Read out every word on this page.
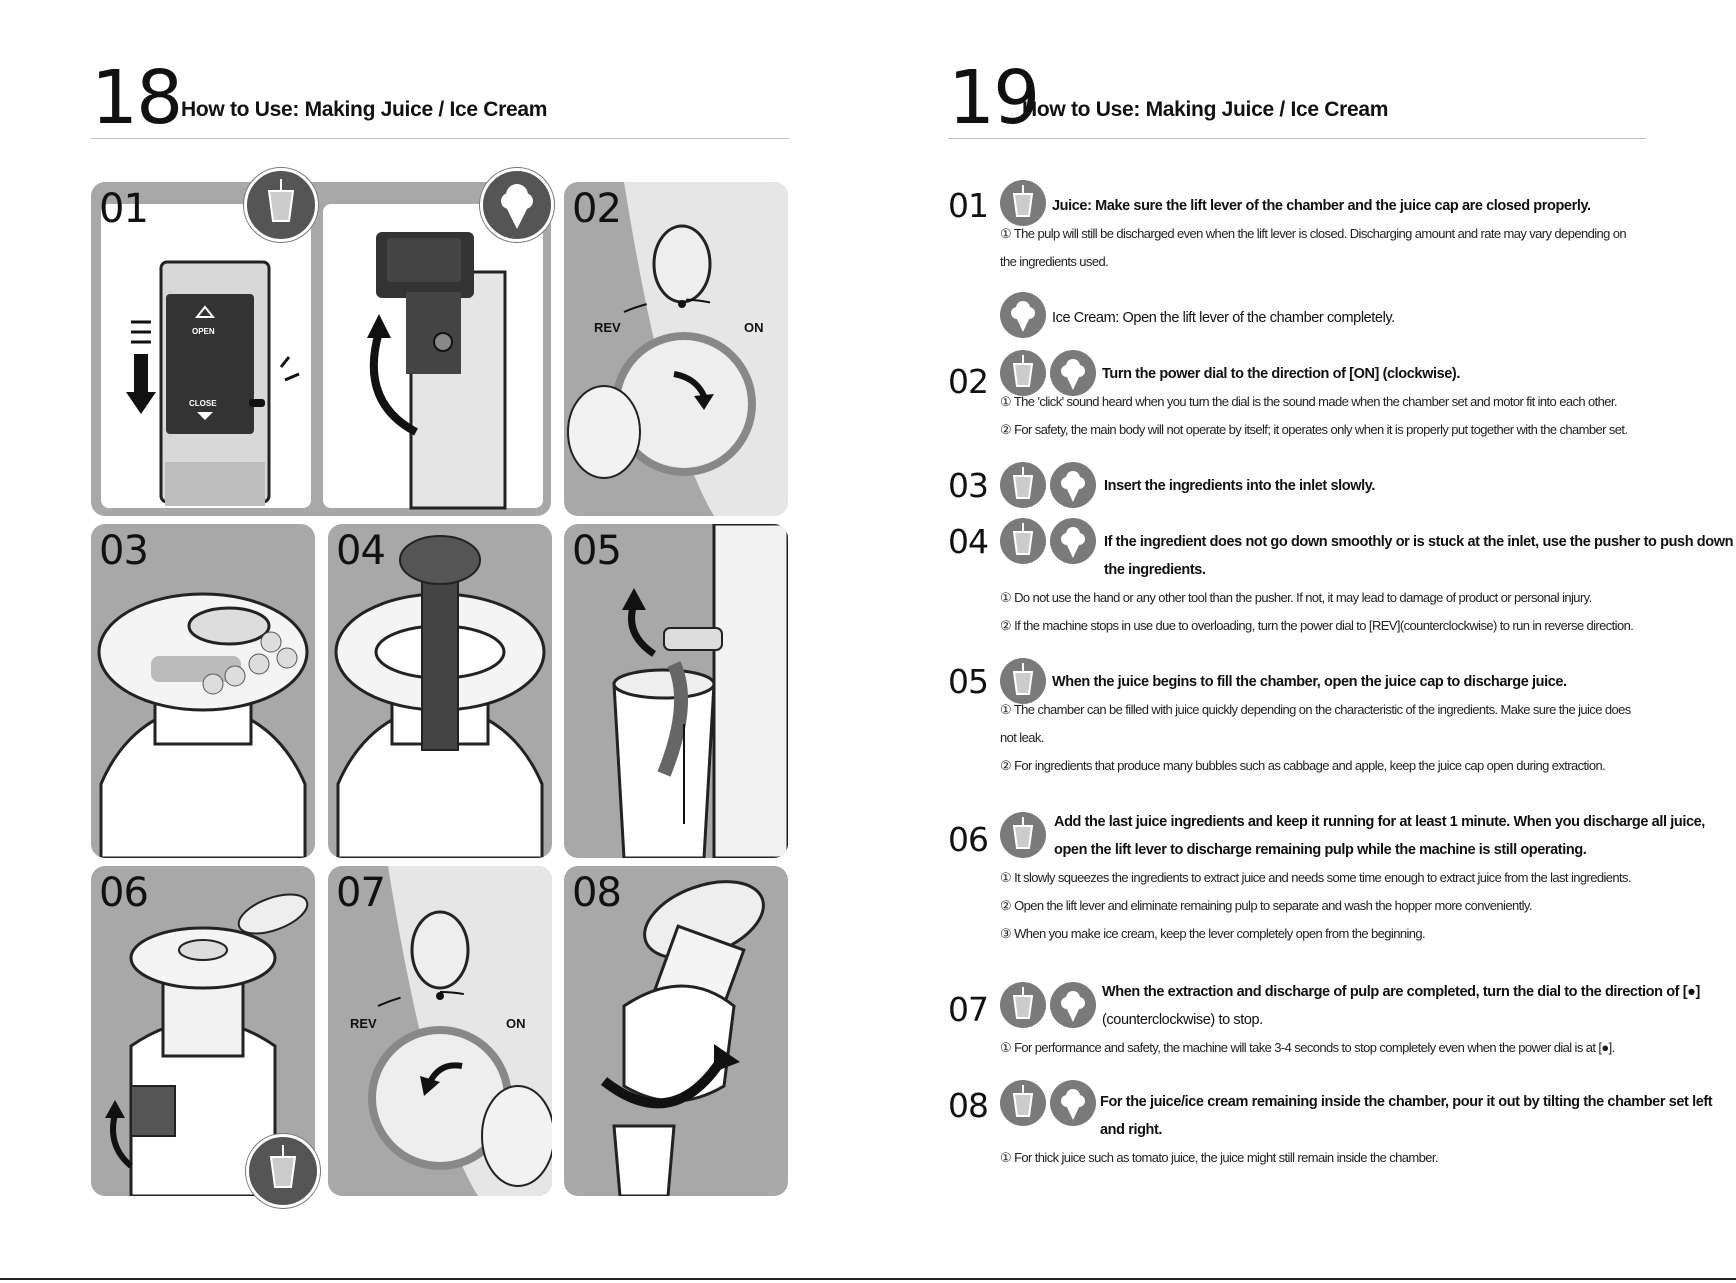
18 How to Use: Making Juice / Ice Cream	19
How to Use: Making Juice / Ice Cream
OPEN
CLOSE
01
REV	ON
02
03	04	05
06
REV	ON
07	08
01	Juice: Make sure the lift lever of the chamber and the juice cap are closed properly.
① The pulp will still be discharged even when the lift lever is closed. Discharging amount and rate may vary depending on
the ingredients used.
Ice Cream: Open the lift lever of the chamber completely.
02	Turn the power dial to the direction of [ON] (clockwise).
① The 'click' sound heard when you turn the dial is the sound made when the chamber set and motor fit into each other.
② For safety, the main body will not operate by itself; it operates only when it is properly put together with the chamber set.
03	Insert the ingredients into the inlet slowly.
04	If the ingredient does not go down smoothly or is stuck at the inlet, use the pusher to push down
the ingredients.
① Do not use the hand or any other tool than the pusher. If not, it may lead to damage of product or personal injury.
② If the machine stops in use due to overloading, turn the power dial to [REV](counterclockwise) to run in reverse direction.
05	When the juice begins to fill the chamber, open the juice cap to discharge juice.
① The chamber can be filled with juice quickly depending on the characteristic of the ingredients. Make sure the juice does
not leak.
② For ingredients that produce many bubbles such as cabbage and apple, keep the juice cap open during extraction.
06	Add the last juice ingredients and keep it running for at least 1 minute. When you discharge all juice,
open the lift lever to discharge remaining pulp while the machine is still operating.
① It slowly squeezes the ingredients to extract juice and needs some time enough to extract juice from the last ingredients.
② Open the lift lever and eliminate remaining pulp to separate and wash the hopper more conveniently.
③ When you make ice cream, keep the lever completely open from the beginning.
07	When the extraction and discharge of pulp are completed, turn the dial to the direction of [●]
(counterclockwise) to stop.
① For performance and safety, the machine will take 3-4 seconds to stop completely even when the power dial is at [●].
08	For the juice/ice cream remaining inside the chamber, pour it out by tilting the chamber set left
and right.
① For thick juice such as tomato juice, the juice might still remain inside the chamber.
